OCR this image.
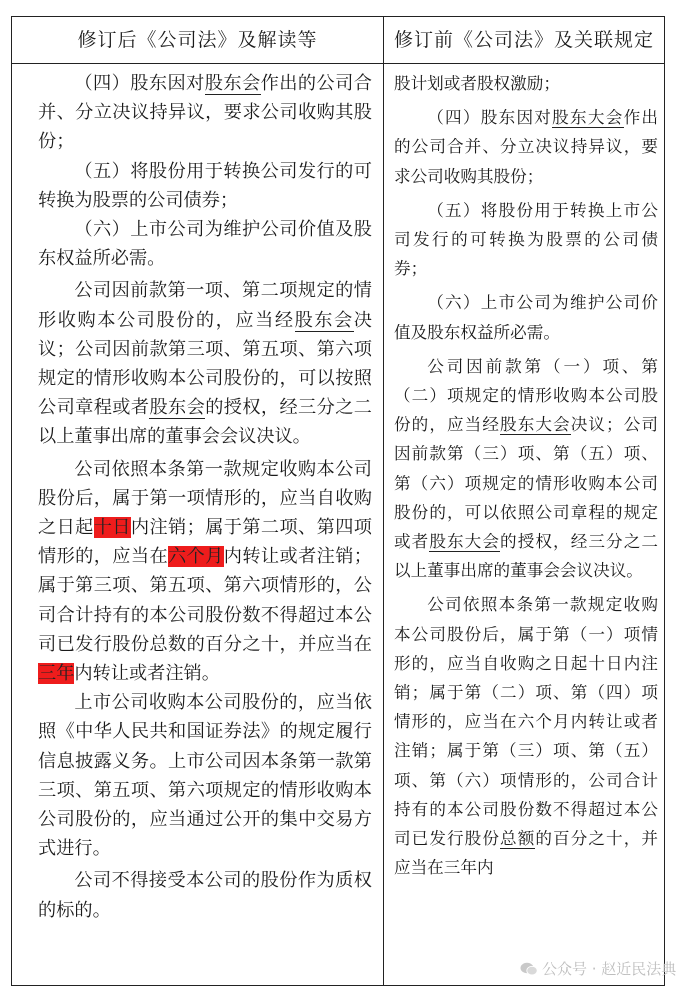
修订后《公司法》及解读等	修订前《公司法》及关联规定

（四）股东因对股东会作出的公司合并、分立决议持异议，要求公司收购其股份；

（五）将股份用于转换公司发行的可转换为股票的公司债券；

（六）上市公司为维护公司价值及股东权益所必需。

公司因前款第一项、第二项规定的情形收购本公司股份的，应当经股东会决议；公司因前款第三项、第五项、第六项规定的情形收购本公司股份的，可以按照公司章程或者股东会的授权，经三分之二以上董事出席的董事会会议决议。

公司依照本条第一款规定收购本公司股份后，属于第一项情形的，应当自收购之日起十日内注销；属于第二项、第四项情形的，应当在六个月内转让或者注销；属于第三项、第五项、第六项情形的，公司合计持有的本公司股份数不得超过本公司已发行股份总数的百分之十，并应当在三年内转让或者注销。

上市公司收购本公司股份的，应当依照《中华人民共和国证券法》的规定履行信息披露义务。上市公司因本条第一款第三项、第五项、第六项规定的情形收购本公司股份的，应当通过公开的集中交易方式进行。

公司不得接受本公司的股份作为质权的标的。

股计划或者股权激励；

（四）股东因对股东大会作出的公司合并、分立决议持异议，要求公司收购其股份；

（五）将股份用于转换上市公司发行的可转换为股票的公司债券；

（六）上市公司为维护公司价值及股东权益所必需。

公司因前款第（一）项、第（二）项规定的情形收购本公司股份的，应当经股东大会决议；公司因前款第（三）项、第（五）项、第（六）项规定的情形收购本公司股份的，可以依照公司章程的规定或者股东大会的授权，经三分之二以上董事出席的董事会会议决议。

公司依照本条第一款规定收购本公司股份后，属于第（一）项情形的，应当自收购之日起十日内注销；属于第（二）项、第（四）项情形的，应当在六个月内转让或者注销；属于第（三）项、第（五）项、第（六）项情形的，公司合计持有的本公司股份数不得超过本公司已发行股份总额的百分之十，并应当在三年内

公众号 · 赵近民法典
